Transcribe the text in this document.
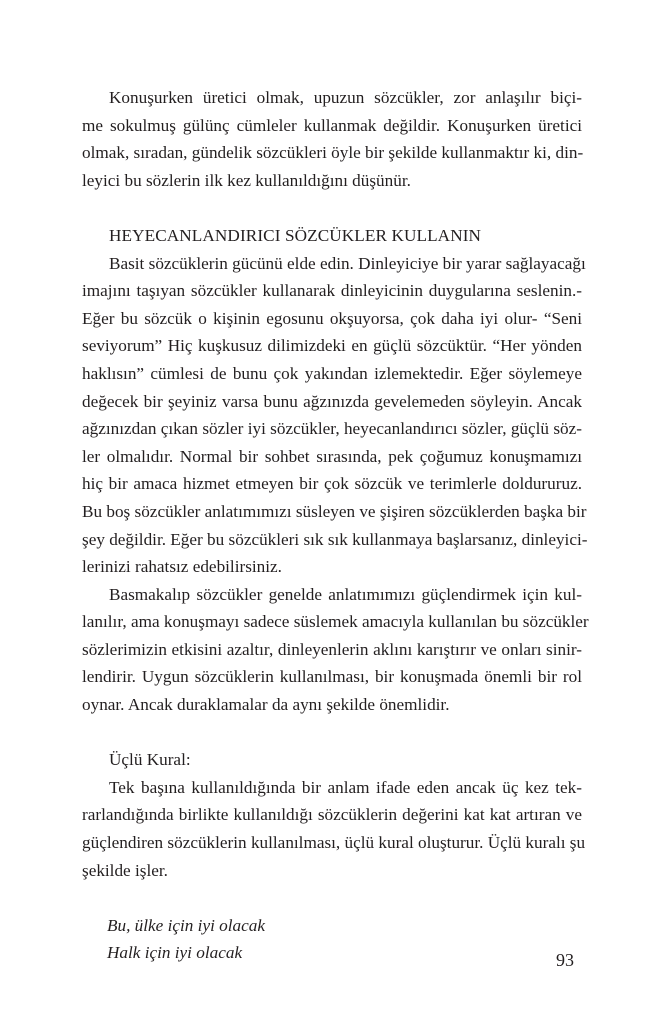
Konuşurken üretici olmak, upuzun sözcükler, zor anlaşılır biçi-
me sokulmuş gülünç cümleler kullanmak değildir. Konuşurken üretici
olmak, sıradan, gündelik sözcükleri öyle bir şekilde kullanmaktır ki, din-
leyici bu sözlerin ilk kez kullanıldığını düşünür.
HEYECANLANDIRICI SÖZCÜKLER KULLANIN
Basit sözcüklerin gücünü elde edin. Dinleyiciye bir yarar sağlayacağı
imajını taşıyan sözcükler kullanarak dinleyicinin duygularına seslenin.-
Eğer bu sözcük o kişinin egosunu okşuyorsa, çok daha iyi olur- “Seni
seviyorum” Hiç kuşkusuz dilimizdeki en güçlü sözcüktür. “Her yönden
haklısın” cümlesi de bunu çok yakından izlemektedir. Eğer söylemeye
değecek bir şeyiniz varsa bunu ağzınızda gevelemeden söyleyin. Ancak
ağzınızdan çıkan sözler iyi sözcükler, heyecanlandırıcı sözler, güçlü söz-
ler olmalıdır. Normal bir sohbet sırasında, pek çoğumuz konuşmamızı
hiç bir amaca hizmet etmeyen bir çok sözcük ve terimlerle doldururuz.
Bu boş sözcükler anlatımımızı süsleyen ve şişiren sözcüklerden başka bir
şey değildir. Eğer bu sözcükleri sık sık kullanmaya başlarsanız, dinleyici-
lerinizi rahatsız edebilirsiniz.
Basmakalıp sözcükler genelde anlatımımızı güçlendirmek için kul-
lanılır, ama konuşmayı sadece süslemek amacıyla kullanılan bu sözcükler
sözlerimizin etkisini azaltır, dinleyenlerin aklını karıştırır ve onları sinir-
lendirir. Uygun sözcüklerin kullanılması, bir konuşmada önemli bir rol
oynar. Ancak duraklamalar da aynı şekilde önemlidir.
Üçlü Kural:
Tek başına kullanıldığında bir anlam ifade eden ancak üç kez tek-
rarlandığında birlikte kullanıldığı sözcüklerin değerini kat kat artıran ve
güçlendiren sözcüklerin kullanılması, üçlü kural oluşturur. Üçlü kuralı şu
şekilde işler.
Bu, ülke için iyi olacak
Halk için iyi olacak	93
